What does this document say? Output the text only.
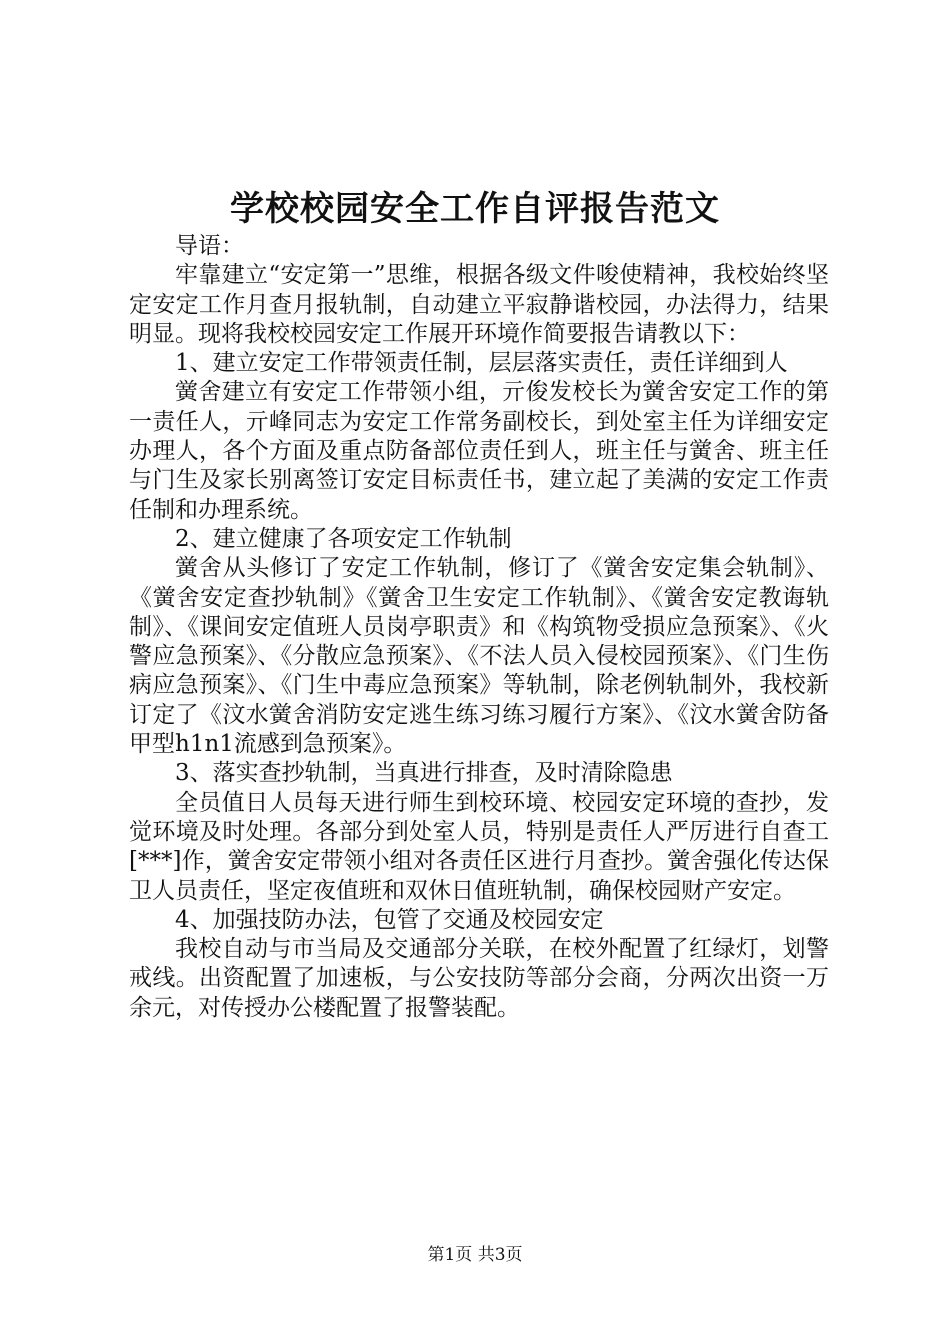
学校校园安全工作自评报告范文

导语：

牢靠建立“安定第一”思维，根据各级文件唆使精神，我校始终坚定安定工作月查月报轨制，自动建立平寂静谐校园，办法得力，结果明显。现将我校校园安定工作展开环境作简要报告请教以下：

1、建立安定工作带领责任制，层层落实责任，责任详细到人

黉舍建立有安定工作带领小组，亓俊发校长为黉舍安定工作的第一责任人，亓峰同志为安定工作常务副校长，到处室主任为详细安定办理人，各个方面及重点防备部位责任到人，班主任与黉舍、班主任与门生及家长别离签订安定目标责任书，建立起了美满的安定工作责任制和办理系统。

2、建立健康了各项安定工作轨制

黉舍从头修订了安定工作轨制，修订了《黉舍安定集会轨制》、《黉舍安定查抄轨制》《黉舍卫生安定工作轨制》、《黉舍安定教诲轨制》、《课间安定值班人员岗亭职责》和《构筑物受损应急预案》、《火警应急预案》、《分散应急预案》、《不法人员入侵校园预案》、《门生伤病应急预案》、《门生中毒应急预案》等轨制，除老例轨制外，我校新订定了《汶水黉舍消防安定逃生练习练习履行方案》、《汶水黉舍防备甲型h1n1流感到急预案》。

3、落实查抄轨制，当真进行排查，及时清除隐患

全员值日人员每天进行师生到校环境、校园安定环境的查抄，发觉环境及时处理。各部分到处室人员，特别是责任人严厉进行自查工[***]作，黉舍安定带领小组对各责任区进行月查抄。黉舍强化传达保卫人员责任，坚定夜值班和双休日值班轨制，确保校园财产安定。

4、加强技防办法，包管了交通及校园安定

我校自动与市当局及交通部分关联，在校外配置了红绿灯，划警戒线。出资配置了加速板，与公安技防等部分会商，分两次出资一万余元，对传授办公楼配置了报警装配。

第1页 共3页
